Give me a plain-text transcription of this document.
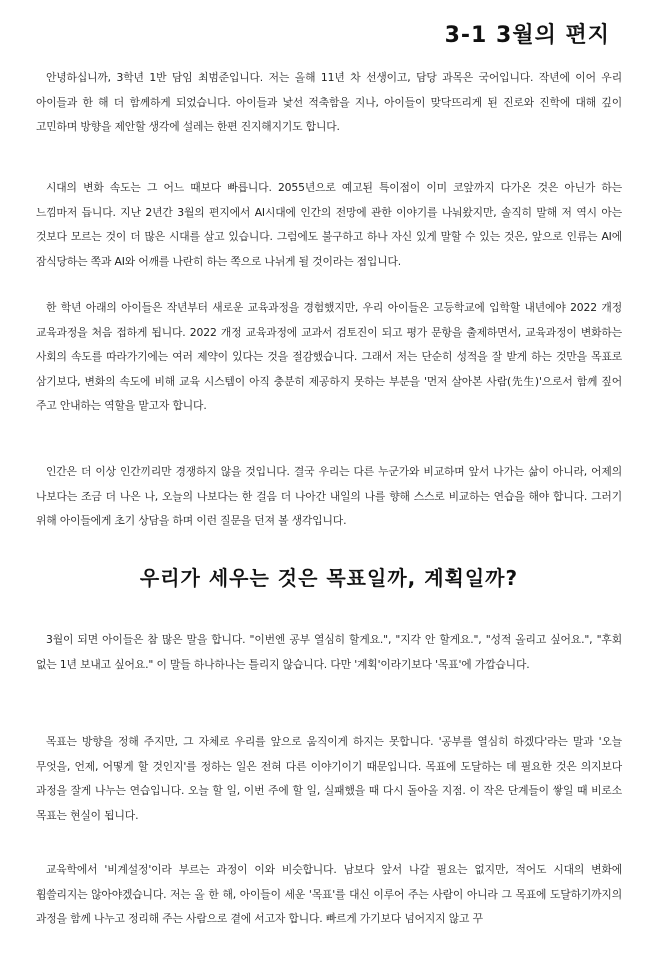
3-1 3월의 편지

안녕하십니까, 3학년 1반 담임 최범준입니다. 저는 올해 11년 차 선생이고, 담당 과목은 국어입니다. 작년에 이어 우리 아이들과 한 해 더 함께하게 되었습니다. 아이들과 낯선 적축함을 지나, 아이들이 맞닥뜨리게 된 진로와 진학에 대해 깊이 고민하며 방향을 제안할 생각에 설레는 한편 진지해지기도 합니다.

시대의 변화 속도는 그 어느 때보다 빠릅니다. 2055년으로 예고된 특이점이 이미 코앞까지 다가온 것은 아닌가 하는 느낌마저 듭니다. 지난 2년간 3월의 편지에서 AI시대에 인간의 전망에 관한 이야기를 나눠왔지만, 솔직히 말해 저 역시 아는 것보다 모르는 것이 더 많은 시대를 살고 있습니다. 그럼에도 불구하고 하나 자신 있게 말할 수 있는 것은, 앞으로 인류는 AI에 잠식당하는 쪽과 AI와 어깨를 나란히 하는 쪽으로 나뉘게 될 것이라는 점입니다.

한 학년 아래의 아이들은 작년부터 새로운 교육과정을 경험했지만, 우리 아이들은 고등학교에 입학할 내년에야 2022 개정 교육과정을 처음 접하게 됩니다. 2022 개정 교육과정에 교과서 검토진이 되고 평가 문항을 출제하면서, 교육과정이 변화하는 사회의 속도를 따라가기에는 여러 제약이 있다는 것을 절감했습니다. 그래서 저는 단순히 성적을 잘 받게 하는 것만을 목표로 삼기보다, 변화의 속도에 비해 교육 시스템이 아직 충분히 제공하지 못하는 부분을 '먼저 살아본 사람(先生)'으로서 함께 짚어 주고 안내하는 역할을 맡고자 합니다.

인간은 더 이상 인간끼리만 경쟁하지 않을 것입니다. 결국 우리는 다른 누군가와 비교하며 앞서 나가는 삶이 아니라, 어제의 나보다는 조금 더 나은 나, 오늘의 나보다는 한 걸음 더 나아간 내일의 나를 향해 스스로 비교하는 연습을 해야 합니다. 그러기 위해 아이들에게 초기 상담을 하며 이런 질문을 던져 볼 생각입니다.

우리가 세우는 것은 목표일까, 계획일까?

3월이 되면 아이들은 참 많은 말을 합니다. "이번엔 공부 열심히 할게요.", "지각 안 할게요.", "성적 올리고 싶어요.", "후회 없는 1년 보내고 싶어요." 이 말들 하나하나는 틀리지 않습니다. 다만 '계획'이라기보다 '목표'에 가깝습니다.

목표는 방향을 정해 주지만, 그 자체로 우리를 앞으로 움직이게 하지는 못합니다. '공부를 열심히 하겠다'라는 말과 '오늘 무엇을, 언제, 어떻게 할 것인지'를 정하는 일은 전혀 다른 이야기이기 때문입니다. 목표에 도달하는 데 필요한 것은 의지보다 과정을 잘게 나누는 연습입니다. 오늘 할 일, 이번 주에 할 일, 실패했을 때 다시 돌아올 지점. 이 작은 단계들이 쌓일 때 비로소 목표는 현실이 됩니다.

교육학에서 '비계설정'이라 부르는 과정이 이와 비슷합니다. 남보다 앞서 나갈 필요는 없지만, 적어도 시대의 변화에 휩쓸리지는 않아야겠습니다. 저는 올 한 해, 아이들이 세운 '목표'를 대신 이루어 주는 사람이 아니라 그 목표에 도달하기까지의 과정을 함께 나누고 정리해 주는 사람으로 곁에 서고자 합니다. 빠르게 가기보다 넘어지지 않고 꾸
